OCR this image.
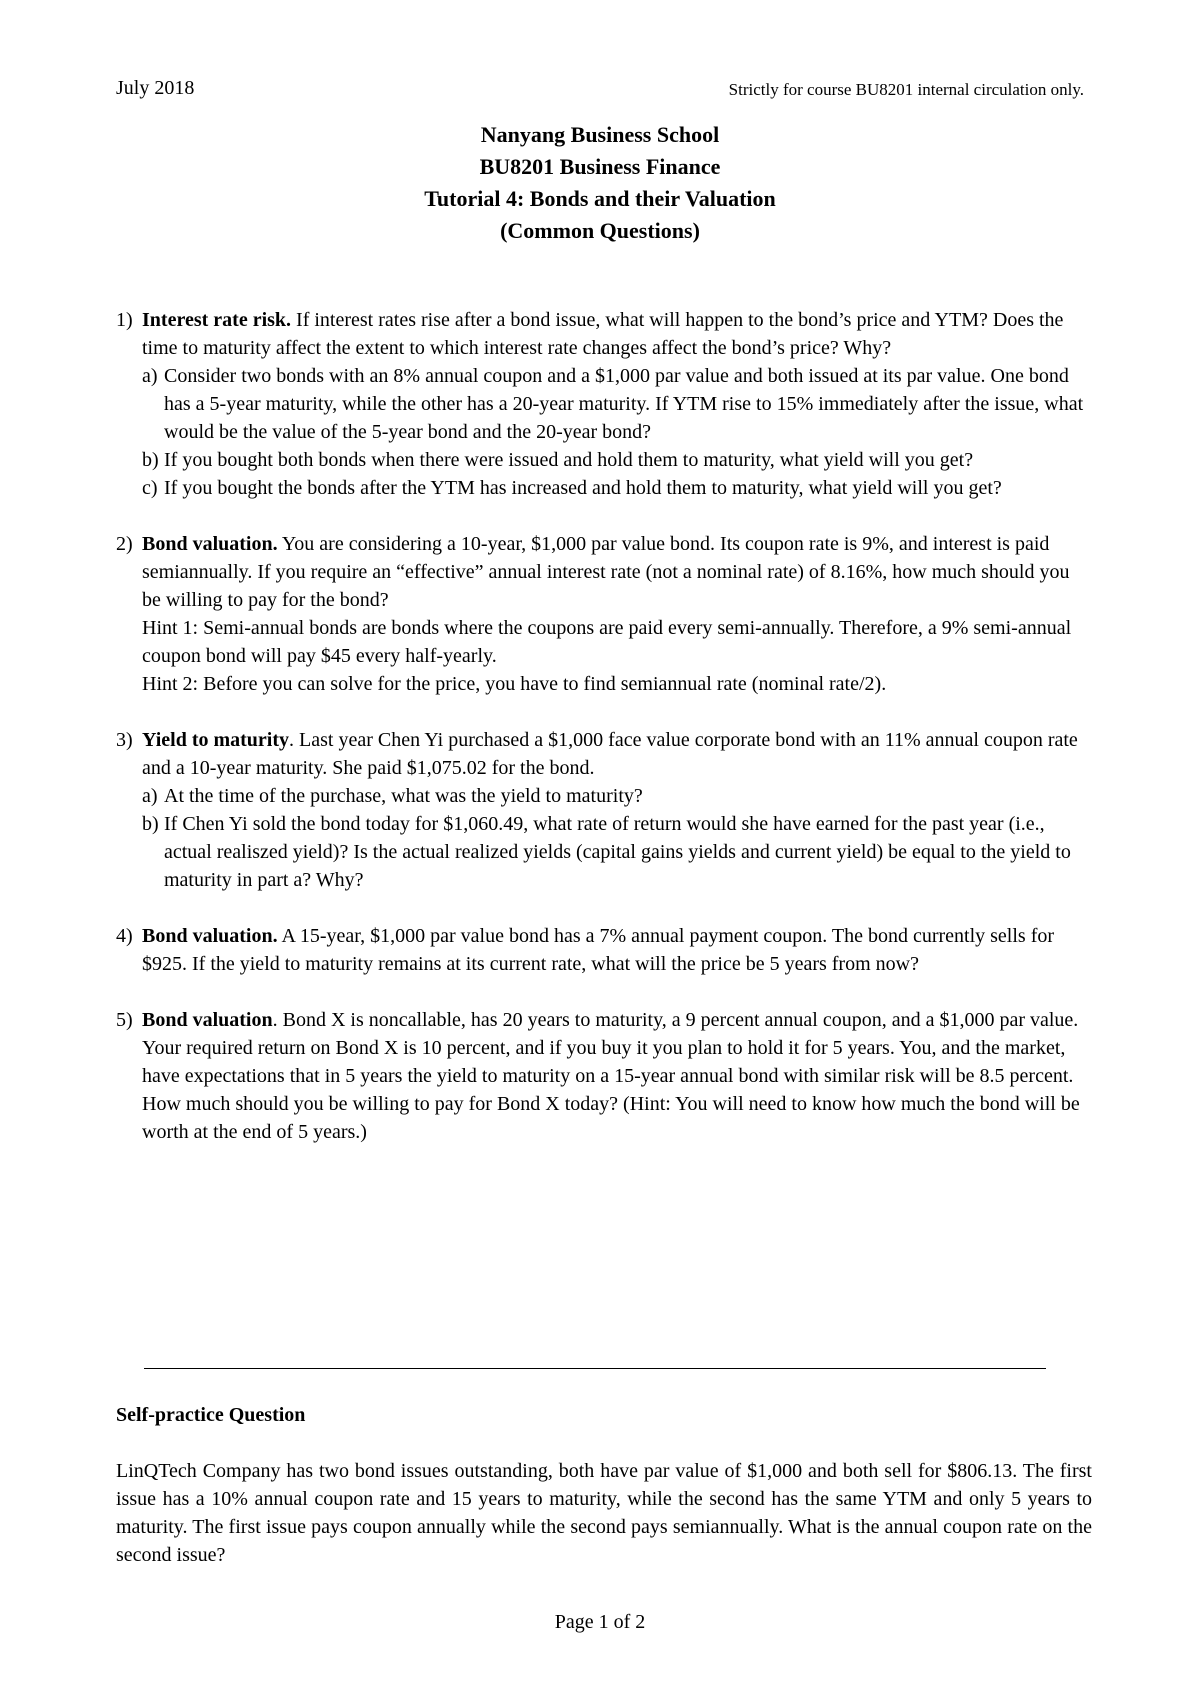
July 2018	Strictly for course BU8201 internal circulation only.
Nanyang Business School
BU8201 Business Finance
Tutorial 4: Bonds and their Valuation
(Common Questions)
1) Interest rate risk. If interest rates rise after a bond issue, what will happen to the bond’s price and YTM? Does the time to maturity affect the extent to which interest rate changes affect the bond’s price? Why?

a) Consider two bonds with an 8% annual coupon and a $1,000 par value and both issued at its par value. One bond has a 5-year maturity, while the other has a 20-year maturity. If YTM rise to 15% immediately after the issue, what would be the value of the 5-year bond and the 20-year bond?
b) If you bought both bonds when there were issued and hold them to maturity, what yield will you get?
c) If you bought the bonds after the YTM has increased and hold them to maturity, what yield will you get?
2) Bond valuation. You are considering a 10-year, $1,000 par value bond. Its coupon rate is 9%, and interest is paid semiannually. If you require an “effective” annual interest rate (not a nominal rate) of 8.16%, how much should you be willing to pay for the bond?

Hint 1: Semi-annual bonds are bonds where the coupons are paid every semi-annually. Therefore, a 9% semi-annual coupon bond will pay $45 every half-yearly.

Hint 2: Before you can solve for the price, you have to find semiannual rate (nominal rate/2).

3) Yield to maturity. Last year Chen Yi purchased a $1,000 face value corporate bond with an 11% annual coupon rate and a 10-year maturity. She paid $1,075.02 for the bond.

a) At the time of the purchase, what was the yield to maturity?
b) If Chen Yi sold the bond today for $1,060.49, what rate of return would she have earned for the past year (i.e., actual realiszed yield)? Is the actual realized yields (capital gains yields and current yield) be equal to the yield to maturity in part a? Why?
4) Bond valuation. A 15-year, $1,000 par value bond has a 7% annual payment coupon. The bond currently sells for $925. If the yield to maturity remains at its current rate, what will the price be 5 years from now?

5) Bond valuation. Bond X is noncallable, has 20 years to maturity, a 9 percent annual coupon, and a $1,000 par value. Your required return on Bond X is 10 percent, and if you buy it you plan to hold it for 5 years. You, and the market, have expectations that in 5 years the yield to maturity on a 15-year annual bond with similar risk will be 8.5 percent. How much should you be willing to pay for Bond X today? (Hint: You will need to know how much the bond will be worth at the end of 5 years.)

Self-practice Question

LinQTech Company has two bond issues outstanding, both have par value of $1,000 and both sell for $806.13. The first issue has a 10% annual coupon rate and 15 years to maturity, while the second has the same YTM and only 5 years to maturity. The first issue pays coupon annually while the second pays semiannually. What is the annual coupon rate on the second issue?

Page 1 of 2
